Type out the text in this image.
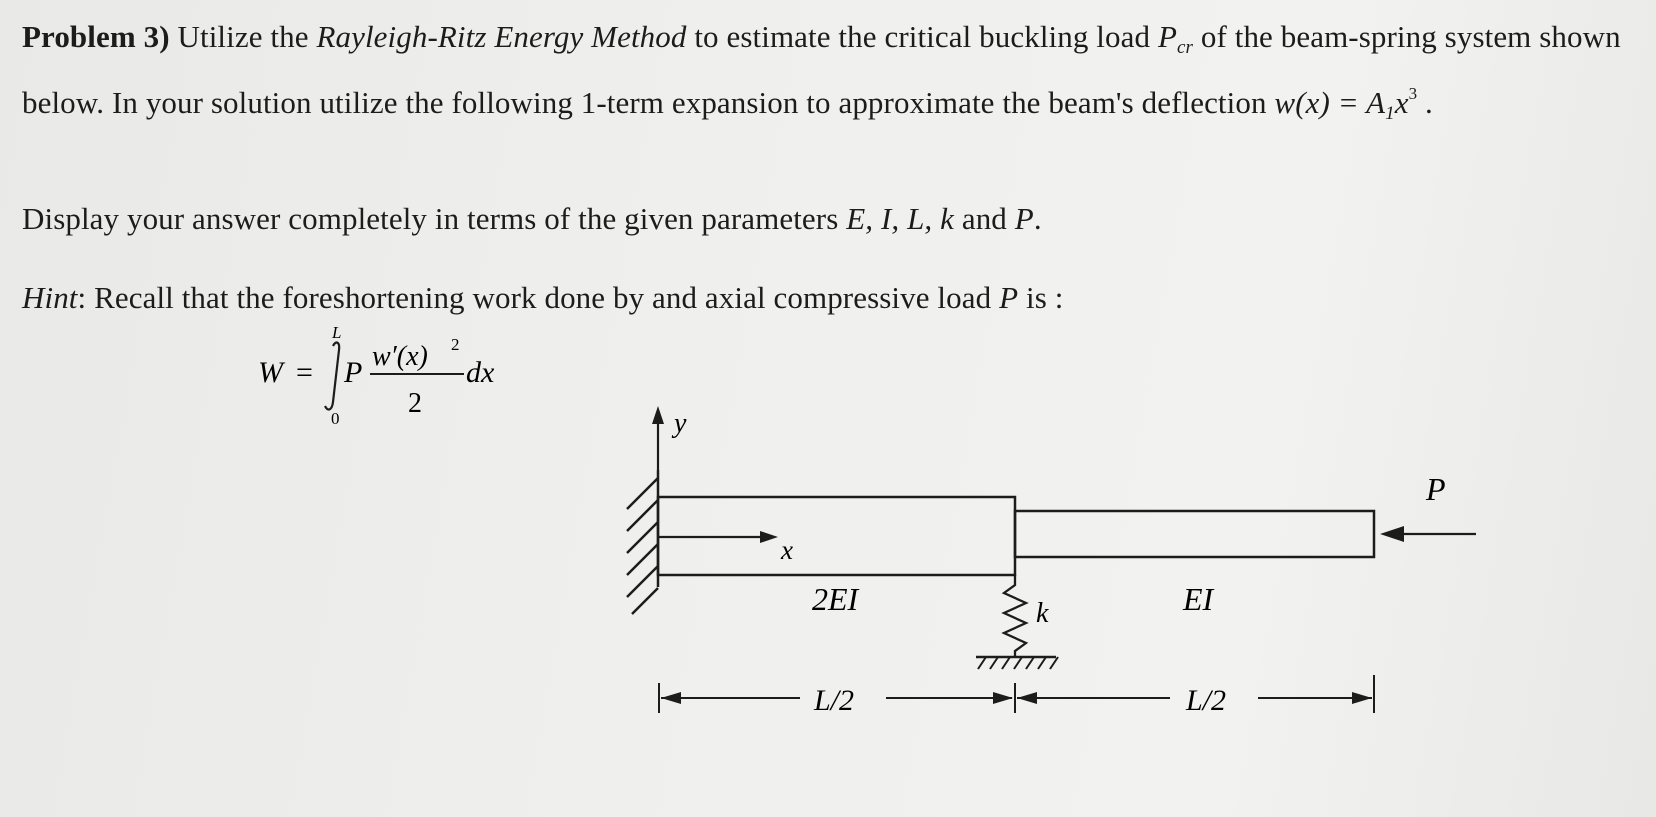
Problem 3) Utilize the Rayleigh-Ritz Energy Method to estimate the critical buckling load $P_{cr}$ of the beam-spring system shown below. In your solution utilize the following 1-term expansion to approximate the beam's deflection $w(x) = A_1x^3$ .
Display your answer completely in terms of the given parameters E, I, L, k and P.
Hint: Recall that the foreshortening work done by and axial compressive load P is :
W =
L
0
P w′(x) 2
2
dx
y
x
P
2EI	EI
k
L/2	L/2
